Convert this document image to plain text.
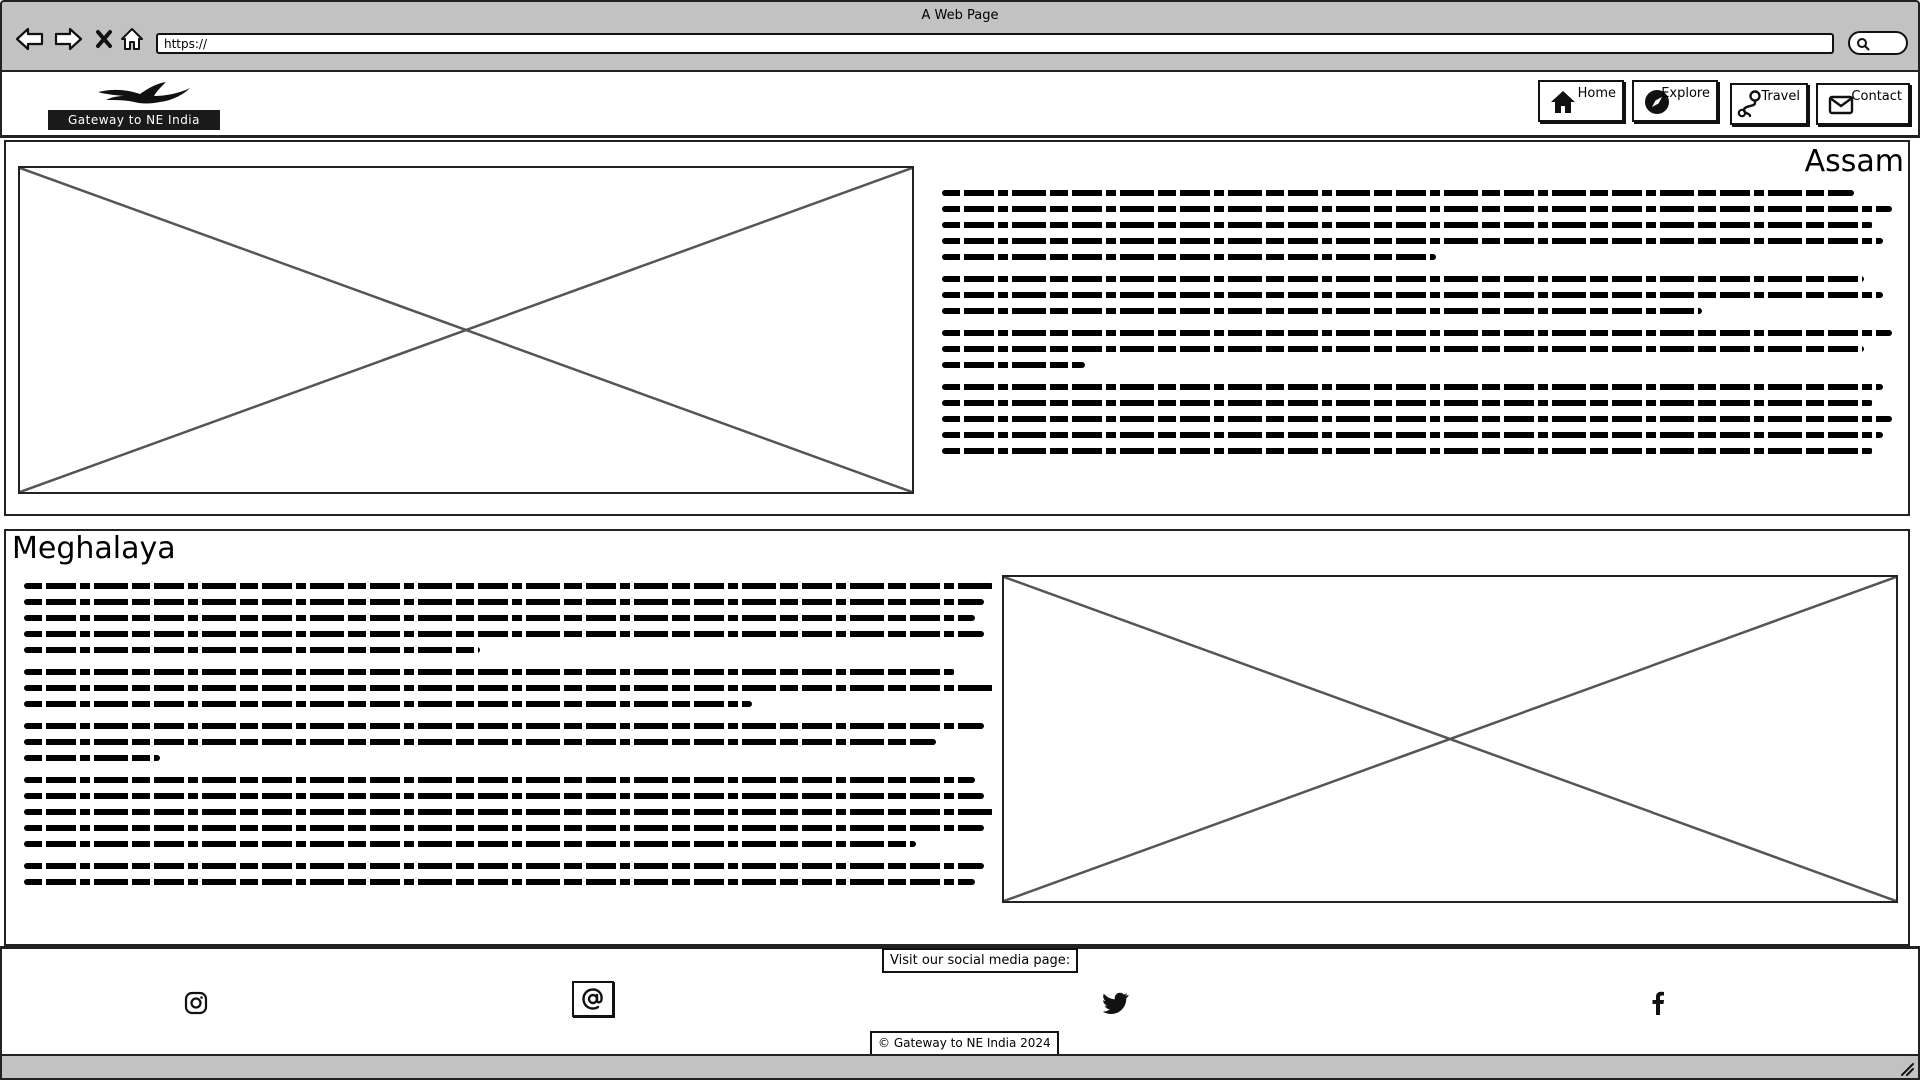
A Web Page
https://
Gateway to NE India
Home	Explore	Travel	Contact
Assam
Meghalaya
Visit our social media page:
© Gateway to NE India 2024
